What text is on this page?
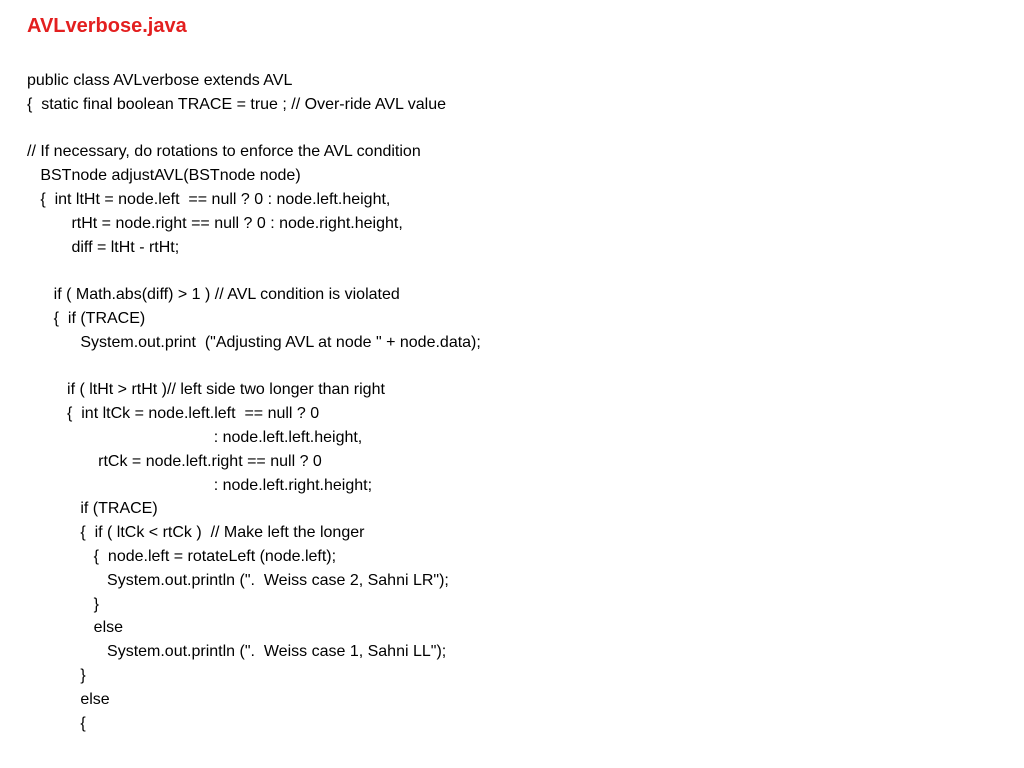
AVLverbose.java
public class AVLverbose extends AVL
{  static final boolean TRACE = true ; // Over-ride AVL value
// If necessary, do rotations to enforce the AVL condition
BSTnode adjustAVL(BSTnode node)
{  int ltHt = node.left  == null ? 0 : node.left.height,
rtHt = node.right == null ? 0 : node.right.height,
diff = ltHt - rtHt;
if ( Math.abs(diff) > 1 ) // AVL condition is violated
{  if (TRACE)
System.out.print  ("Adjusting AVL at node " + node.data);
if ( ltHt > rtHt )// left side two longer than right
{  int ltCk = node.left.left  == null ? 0
: node.left.left.height,
rtCk = node.left.right == null ? 0
: node.left.right.height;
if (TRACE)
{  if ( ltCk < rtCk )  // Make left the longer
{  node.left = rotateLeft (node.left);
System.out.println (".  Weiss case 2, Sahni LR");
}
else
System.out.println (".  Weiss case 1, Sahni LL");
}
else
{
